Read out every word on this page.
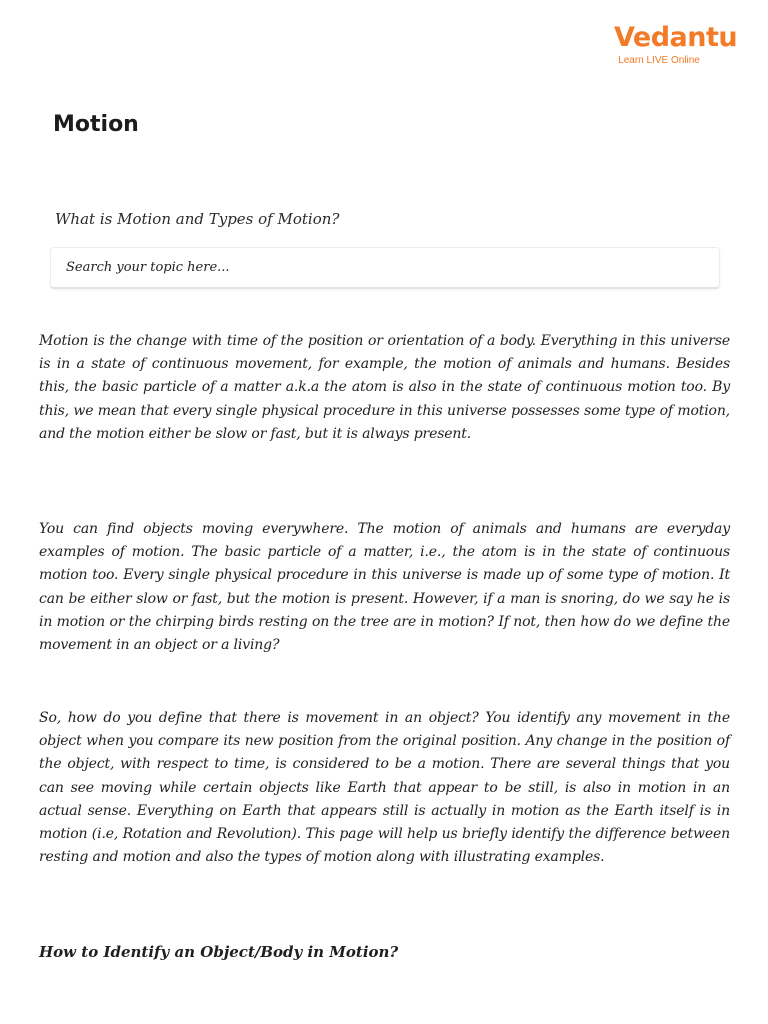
Vedantu
Learn LIVE Online
Motion
What is Motion and Types of Motion?
Search your topic here...

Motion is the change with time of the position or orientation of a body. Everything in this universe is in a state of continuous movement, for example, the motion of animals and humans. Besides this, the basic particle of a matter a.k.a the atom is also in the state of continuous motion too. By this, we mean that every single physical procedure in this universe possesses some type of motion, and the motion either be slow or fast, but it is always present.

You can find objects moving everywhere. The motion of animals and humans are everyday examples of motion. The basic particle of a matter, i.e., the atom is in the state of continuous motion too. Every single physical procedure in this universe is made up of some type of motion. It can be either slow or fast, but the motion is present. However, if a man is snoring, do we say he is in motion or the chirping birds resting on the tree are in motion? If not, then how do we define the movement in an object or a living?

So, how do you define that there is movement in an object? You identify any movement in the object when you compare its new position from the original position. Any change in the position of the object, with respect to time, is considered to be a motion. There are several things that you can see moving while certain objects like Earth that appear to be still, is also in motion in an actual sense. Everything on Earth that appears still is actually in motion as the Earth itself is in motion (i.e, Rotation and Revolution). This page will help us briefly identify the difference between resting and motion and also the types of motion along with illustrating examples.

How to Identify an Object/Body in Motion?
